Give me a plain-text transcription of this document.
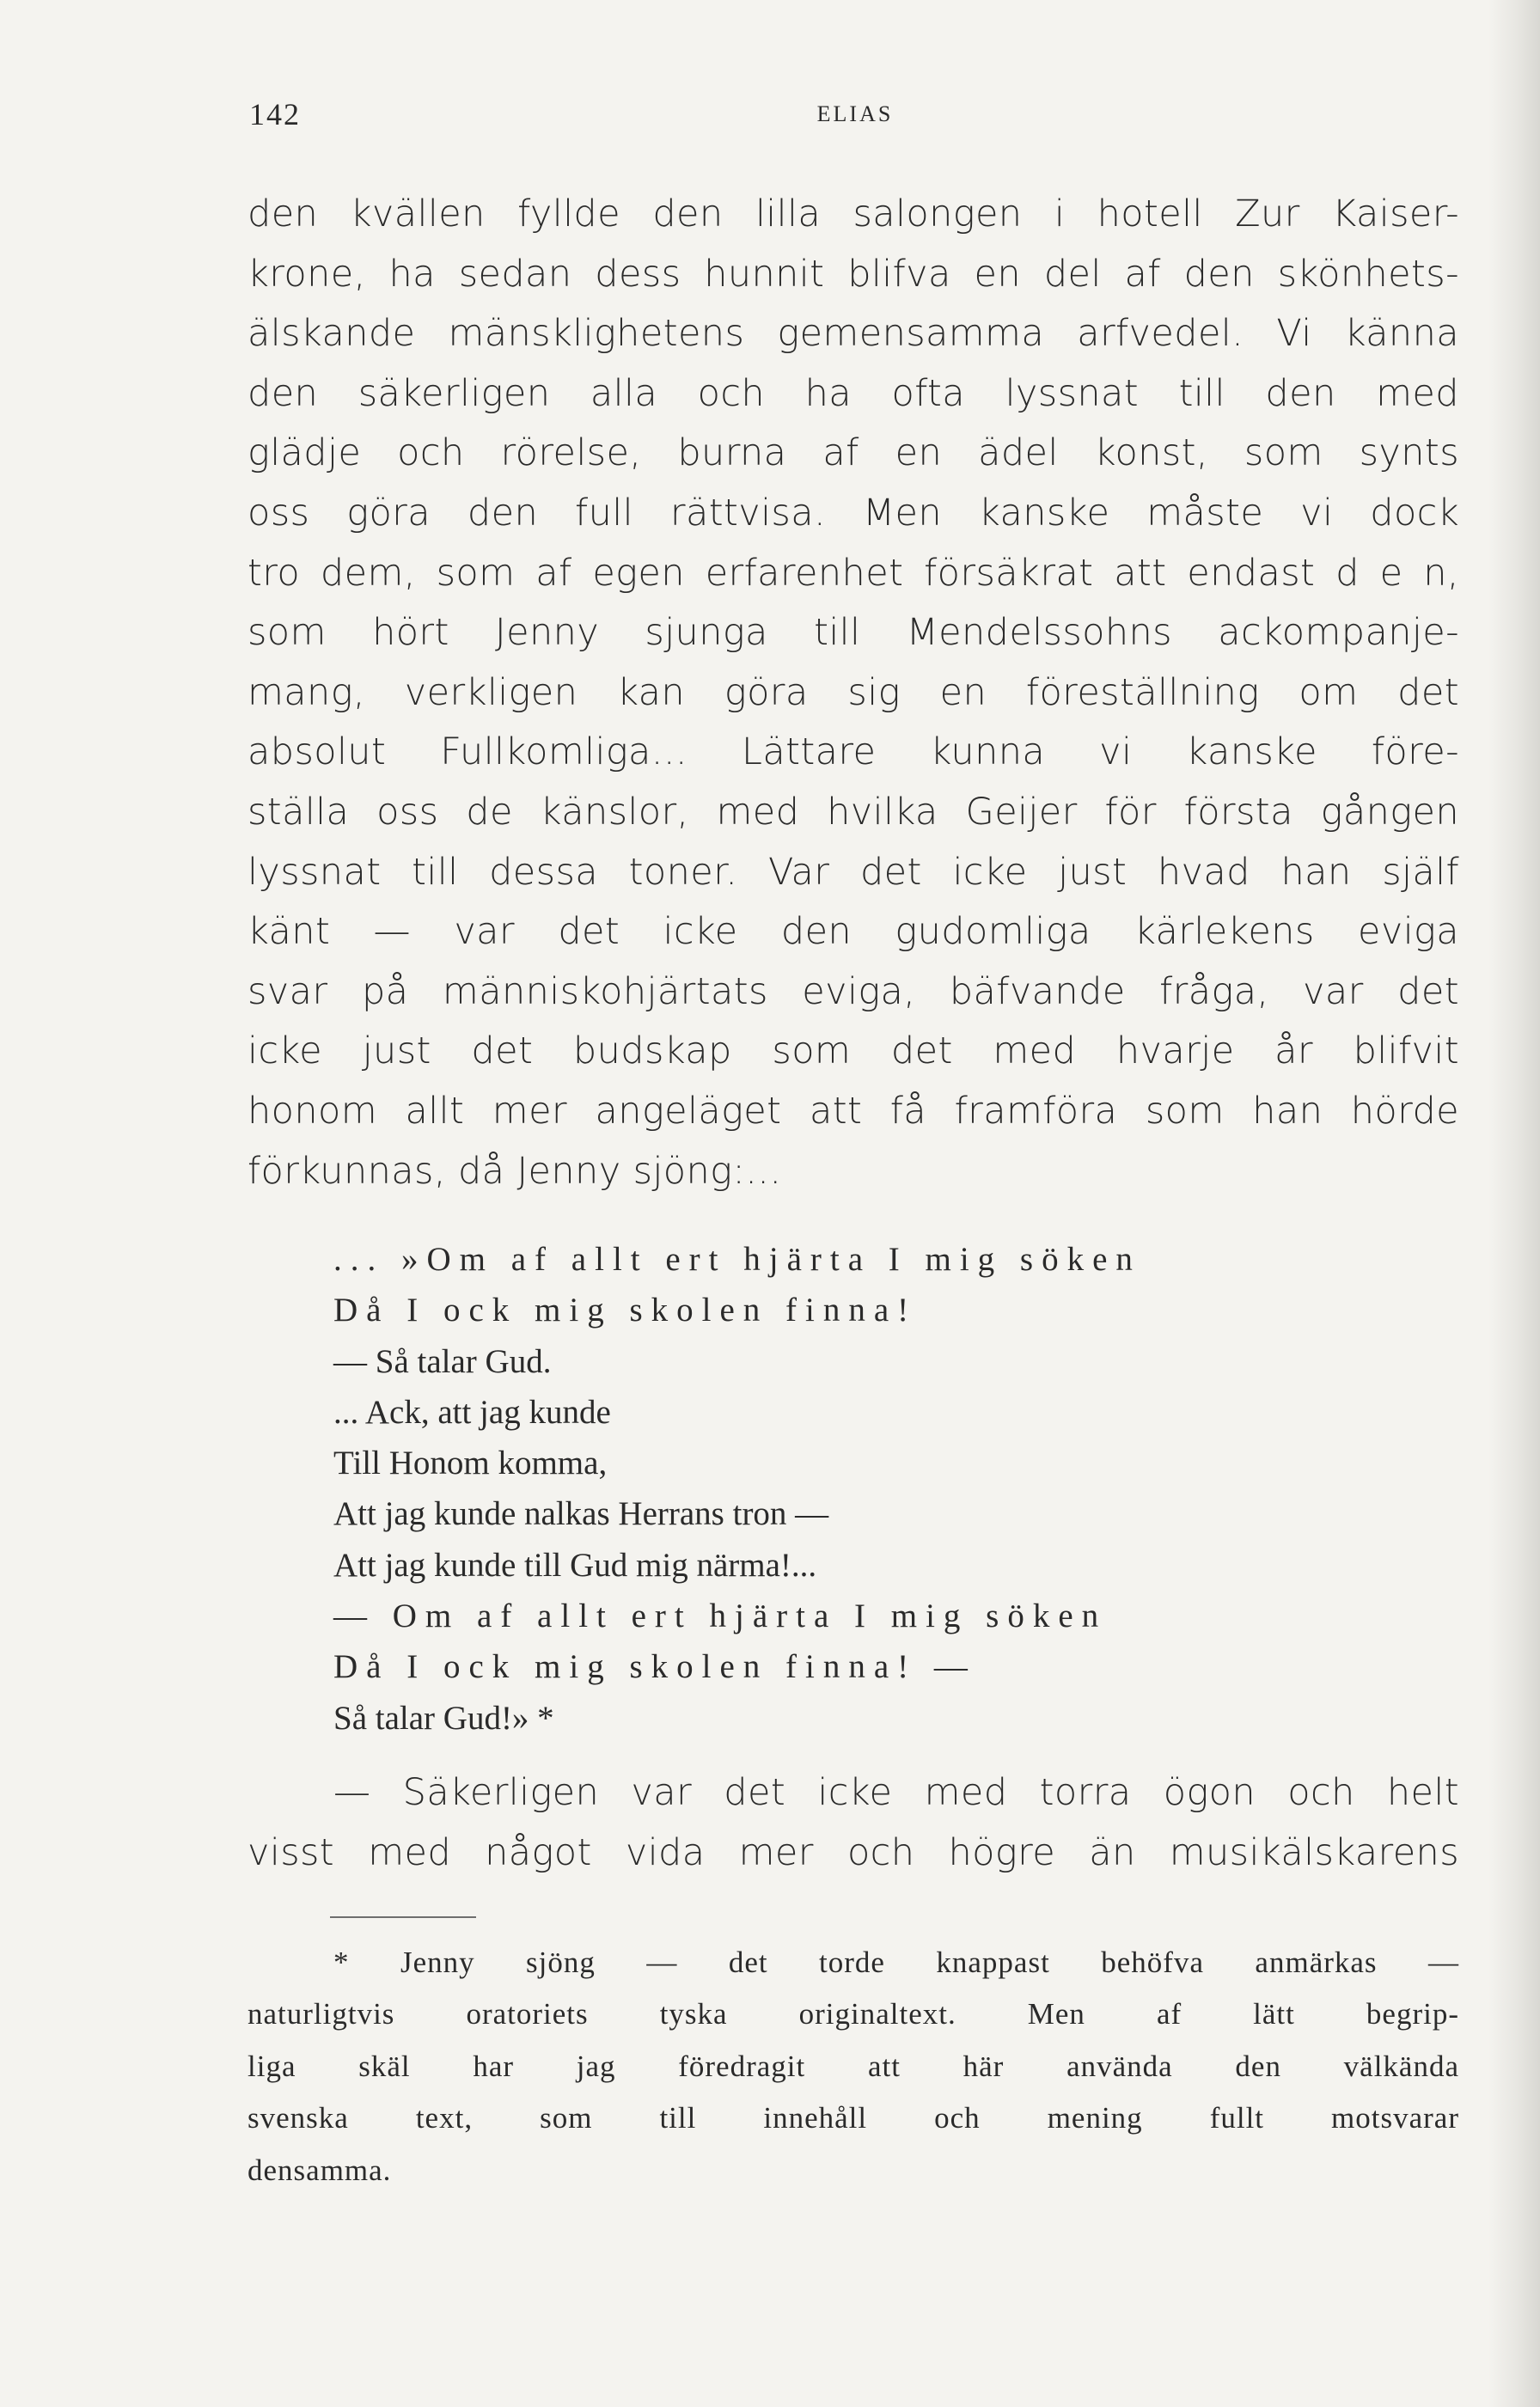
142	ELIAS
den kvällen fyllde den lilla salongen i hotell Zur Kaiser-
krone, ha sedan dess hunnit blifva en del af den skönhets-
älskande mänsklighetens gemensamma arfvedel. Vi känna
den säkerligen alla och ha ofta lyssnat till den med
glädje och rörelse, burna af en ädel konst, som synts
oss göra den full rättvisa. Men kanske måste vi dock
tro dem, som af egen erfarenhet försäkrat att endast d e n,
som hört Jenny sjunga till Mendelssohns ackompanje-
mang, verkligen kan göra sig en föreställning om det
absolut Fullkomliga... Lättare kunna vi kanske före-
ställa oss de känslor, med hvilka Geijer för första gången
lyssnat till dessa toner. Var det icke just hvad han själf
känt — var det icke den gudomliga kärlekens eviga
svar på människohjärtats eviga, bäfvande fråga, var det
icke just det budskap som det med hvarje år blifvit
honom allt mer angeläget att få framföra som han hörde
förkunnas, då Jenny sjöng:...
... »Om af allt ert hjärta I mig söken
Då I ock mig skolen finna!
— Så talar Gud.
... Ack, att jag kunde
Till Honom komma,
Att jag kunde nalkas Herrans tron —
Att jag kunde till Gud mig närma!...
— Om af allt ert hjärta I mig söken
Då I ock mig skolen finna! —
Så talar Gud!» *
— Säkerligen var det icke med torra ögon och helt
visst med något vida mer och högre än musikälskarens
* Jenny sjöng — det torde knappast behöfva anmärkas —
naturligtvis oratoriets tyska originaltext. Men af lätt begrip-
liga skäl har jag föredragit att här använda den välkända
svenska text, som till innehåll och mening fullt motsvarar
densamma.
